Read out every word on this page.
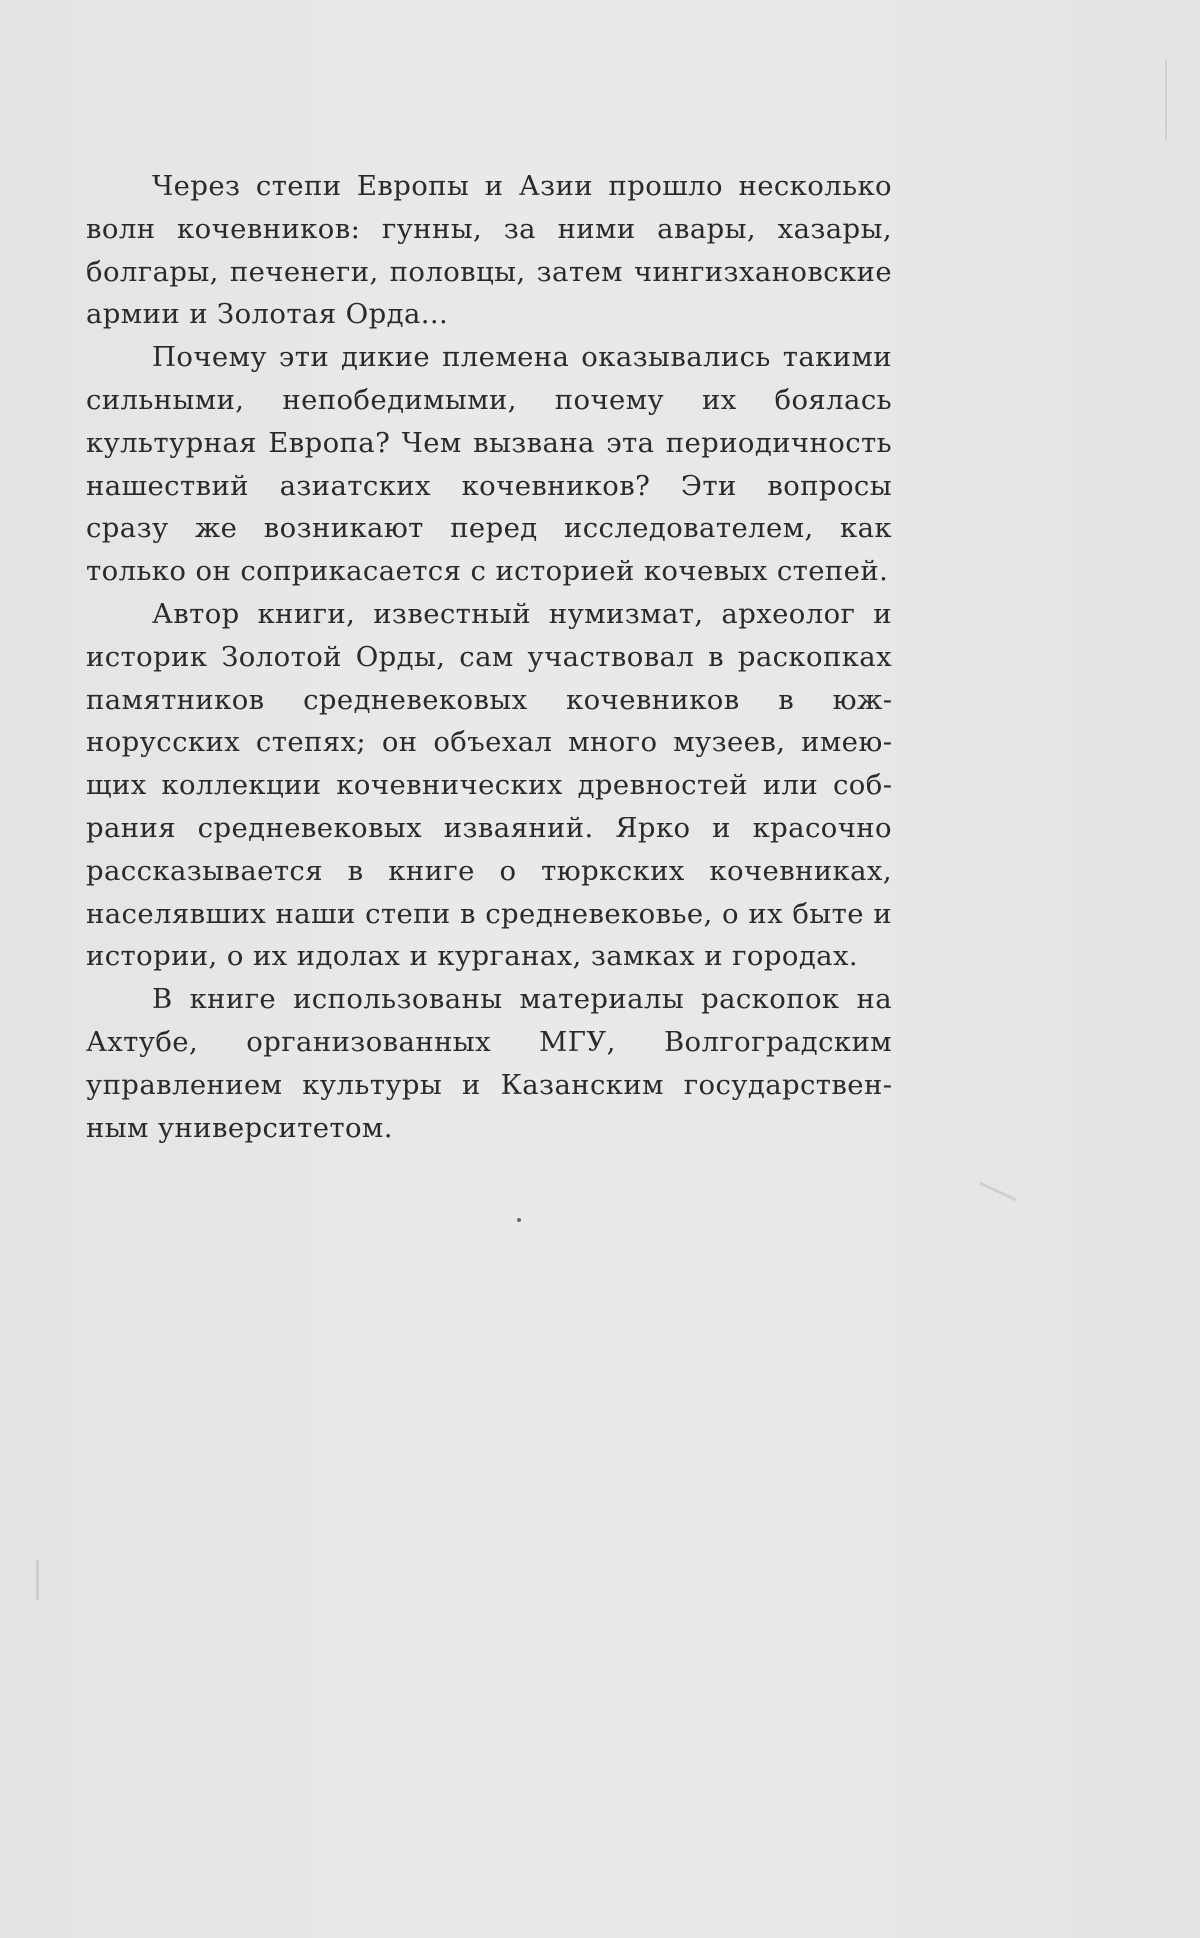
Через степи Европы и Азии прошло несколько волн кочевников: гунны, за ними авары, хазары, болгары, печенеги, половцы, затем чингизхановские армии и Золотая Орда...

Почему эти дикие племена оказывались такими сильными, непобедимыми, почему их боялась культурная Европа? Чем вызвана эта периодичность нашествий азиатских кочевников? Эти вопросы сразу же возникают перед исследователем, как только он соприкасается с историей кочевых степей.

Автор книги, известный нумизмат, археолог и историк Золотой Орды, сам участвовал в раскопках памятников средневековых кочевников в южнорусских степях; он объехал много музеев, имеющих коллекции кочевнических древностей или собрания средневековых изваяний. Ярко и красочно рассказывается в книге о тюркских кочевниках, населявших наши степи в средневековье, о их быте и истории, о их идолах и курганах, замках и городах.

В книге использованы материалы раскопок на Ахтубе, организованных МГУ, Волгоградским управлением культуры и Казанским государственным университетом.
